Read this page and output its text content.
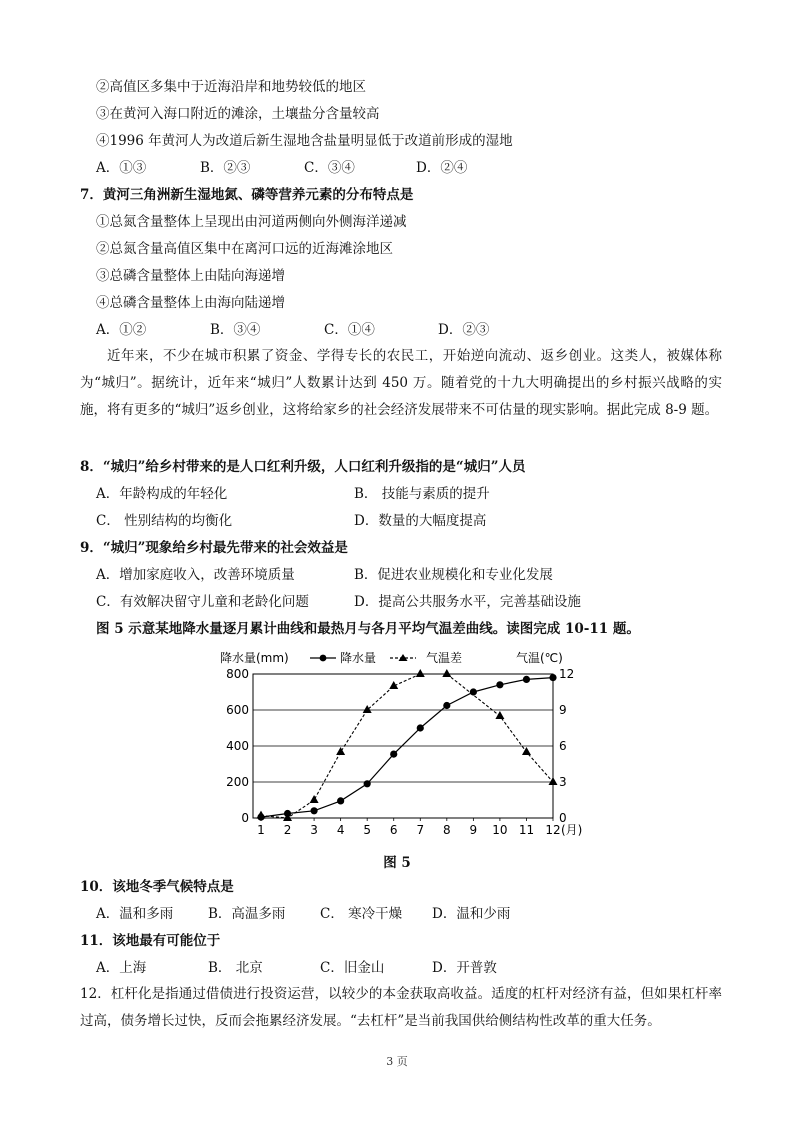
②高值区多集中于近海沿岸和地势较低的地区
③在黄河入海口附近的滩涂，土壤盐分含量较高
④1996 年黄河人为改道后新生湿地含盐量明显低于改道前形成的湿地
A．①③	B．②③	C．③④	D．②④
7．黄河三角洲新生湿地氮、磷等营养元素的分布特点是
①总氮含量整体上呈现出由河道两侧向外侧海洋递减
②总氮含量高值区集中在离河口远的近海滩涂地区
③总磷含量整体上由陆向海递增
④总磷含量整体上由海向陆递增
A．①②	B．③④	C．①④	D．②③
近年来，不少在城市积累了资金、学得专长的农民工，开始逆向流动、返乡创业。这类人，被媒体称为“城归”。据统计，近年来“城归”人数累计达到 450 万。随着党的十九大明确提出的乡村振兴战略的实施，将有更多的“城归”返乡创业，这将给家乡的社会经济发展带来不可估量的现实影响。据此完成 8-9 题。
8．“城归”给乡村带来的是人口红利升级，人口红利升级指的是“城归”人员
A．年龄构成的年轻化	B． 技能与素质的提升
C． 性别结构的均衡化	D．数量的大幅度提高
9．“城归”现象给乡村最先带来的社会效益是
A．增加家庭收入，改善环境质量	B．促进农业规模化和专业化发展
C．有效解决留守儿童和老龄化问题	D．提高公共服务水平，完善基础设施
图 5 示意某地降水量逐月累计曲线和最热月与各月平均气温差曲线。读图完成 10-11 题。
0
200
400
600
800
0
3
6
9
12
1 2 3 4 5 6 7 8 9 10 11 12 (月)
降水量(mm)	降水量	气温差	气温(℃)
图 5
10．该地冬季气候特点是
A．温和多雨	B．高温多雨	C． 寒冷干燥 D．温和少雨
11．该地最有可能位于
A．上海	B． 北京	C．旧金山	D．开普敦
12．杠杆化是指通过借债进行投资运营，以较少的本金获取高收益。适度的杠杆对经济有益，但如果杠杆率过高，债务增长过快，反而会拖累经济发展。“去杠杆”是当前我国供给侧结构性改革的重大任务。
3 页
